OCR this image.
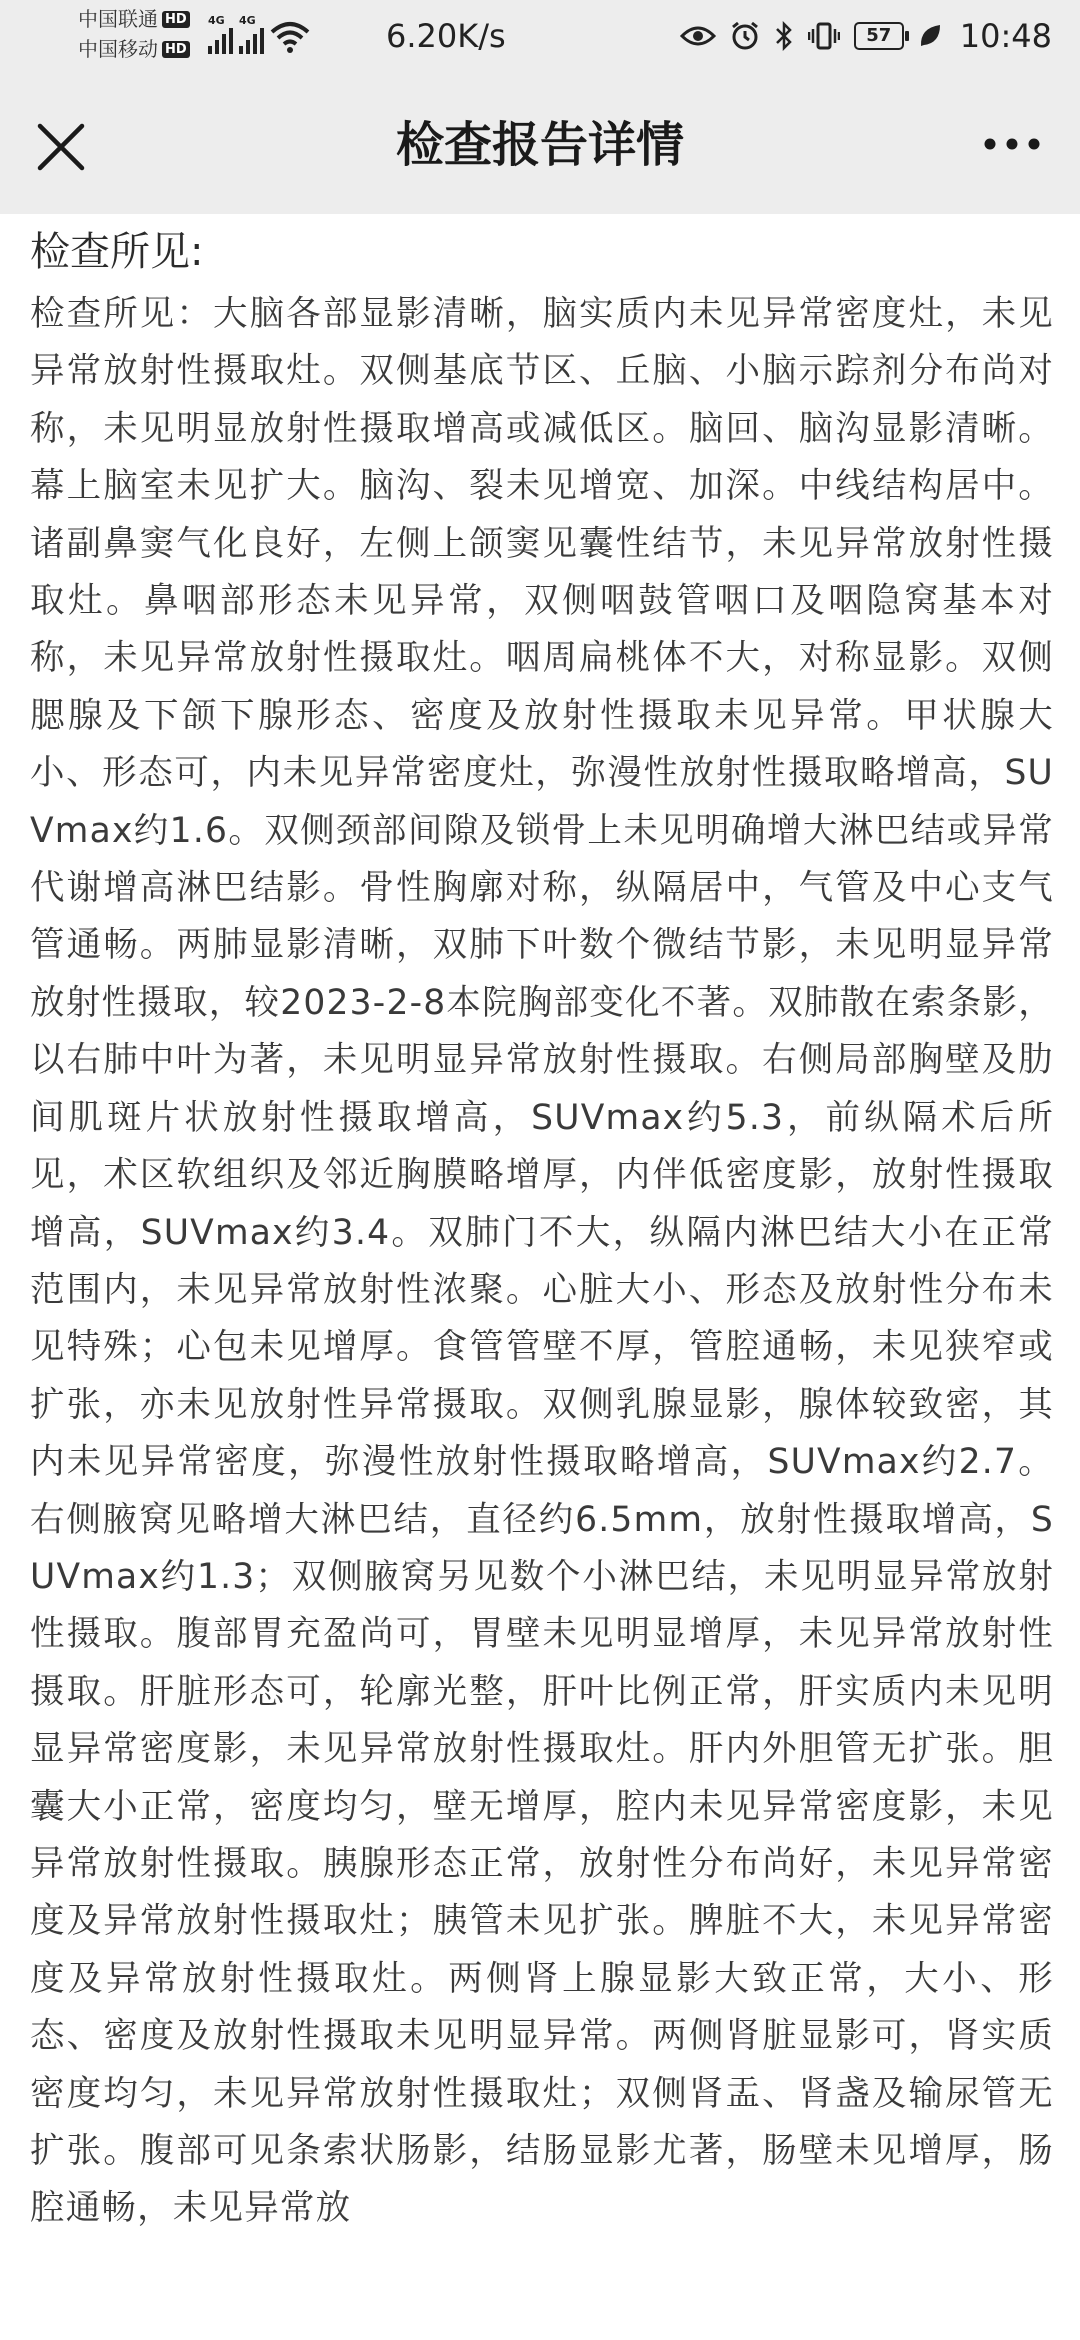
中国联通 HD
中国移动 HD
4G 4G	6.20K/s	57	10:48
检查报告详情
检查所见:

检查所见：大脑各部显影清晰，脑实质内未见异常密度灶，未见异常放射性摄取灶。双侧基底节区、丘脑、小脑示踪剂分布尚对称，未见明显放射性摄取增高或减低区。脑回、脑沟显影清晰。幕上脑室未见扩大。脑沟、裂未见增宽、加深。中线结构居中。诸副鼻窦气化良好，左侧上颌窦见囊性结节，未见异常放射性摄取灶。鼻咽部形态未见异常，双侧咽鼓管咽口及咽隐窝基本对称，未见异常放射性摄取灶。咽周扁桃体不大，对称显影。双侧腮腺及下颌下腺形态、密度及放射性摄取未见异常。甲状腺大小、形态可，内未见异常密度灶，弥漫性放射性摄取略增高，SUVmax约1.6。双侧颈部间隙及锁骨上未见明确增大淋巴结或异常代谢增高淋巴结影。骨性胸廓对称，纵隔居中，气管及中心支气管通畅。两肺显影清晰，双肺下叶数个微结节影，未见明显异常放射性摄取，较2023-2-8本院胸部变化不著。双肺散在索条影，以右肺中叶为著，未见明显异常放射性摄取。右侧局部胸壁及肋间肌斑片状放射性摄取增高，SUVmax约5.3，前纵隔术后所见，术区软组织及邻近胸膜略增厚，内伴低密度影，放射性摄取增高，SUVmax约3.4。双肺门不大，纵隔内淋巴结大小在正常范围内，未见异常放射性浓聚。心脏大小、形态及放射性分布未见特殊；心包未见增厚。食管管壁不厚，管腔通畅，未见狭窄或扩张，亦未见放射性异常摄取。双侧乳腺显影，腺体较致密，其内未见异常密度，弥漫性放射性摄取略增高，SUVmax约2.7。右侧腋窝见略增大淋巴结，直径约6.5mm，放射性摄取增高，SUVmax约1.3；双侧腋窝另见数个小淋巴结，未见明显异常放射性摄取。腹部胃充盈尚可，胃壁未见明显增厚，未见异常放射性摄取。肝脏形态可，轮廓光整，肝叶比例正常，肝实质内未见明显异常密度影，未见异常放射性摄取灶。肝内外胆管无扩张。胆囊大小正常，密度均匀，壁无增厚，腔内未见异常密度影，未见异常放射性摄取。胰腺形态正常，放射性分布尚好，未见异常密度及异常放射性摄取灶；胰管未见扩张。脾脏不大，未见异常密度及异常放射性摄取灶。两侧肾上腺显影大致正常，大小、形态、密度及放射性摄取未见明显异常。两侧肾脏显影可，肾实质密度均匀，未见异常放射性摄取灶；双侧肾盂、肾盏及输尿管无扩张。腹部可见条索状肠影，结肠显影尤著，肠壁未见增厚，肠腔通畅，未见异常放
